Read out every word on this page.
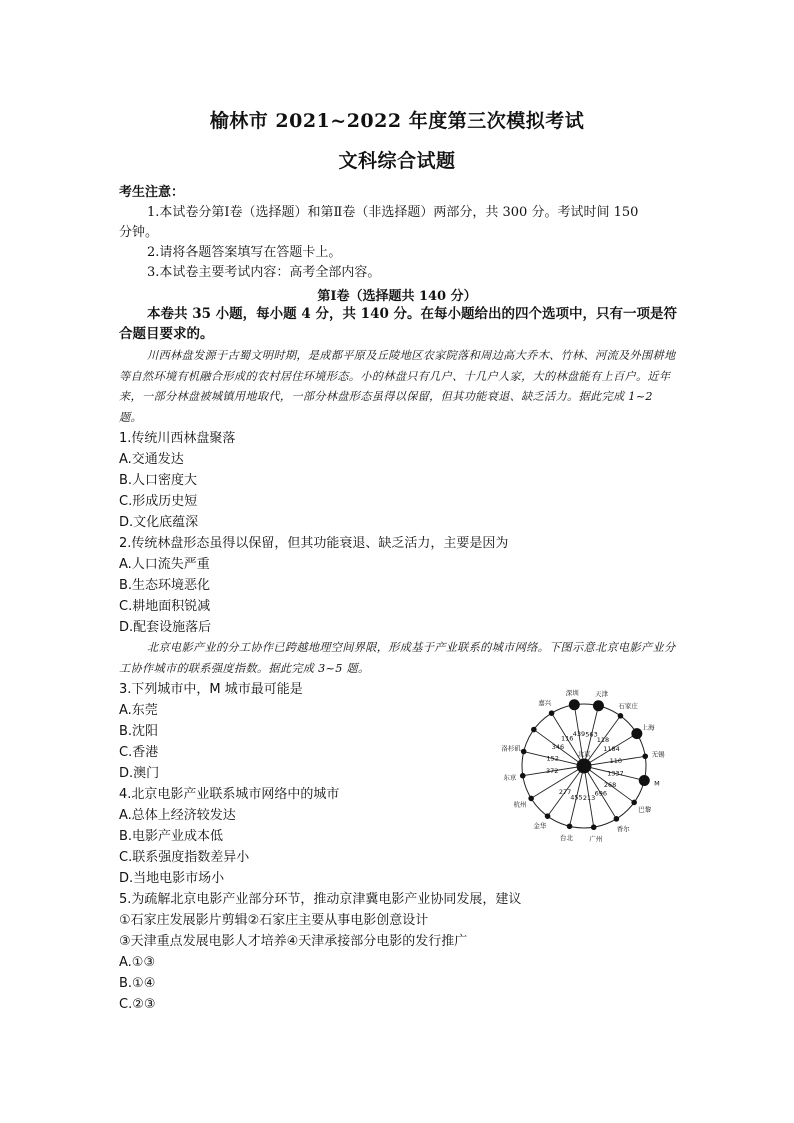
榆林市 2021~2022 年度第三次模拟考试
文科综合试题
考生注意：
1.本试卷分第Ⅰ卷（选择题）和第Ⅱ卷（非选择题）两部分，共 300 分。考试时间 150
分钟。
2.请将各题答案填写在答题卡上。
3.本试卷主要考试内容：高考全部内容。
第Ⅰ卷（选择题共 140 分）
本卷共 35 小题，每小题 4 分，共 140 分。在每小题给出的四个选项中，只有一项是符
合题目要求的。
川西林盘发源于古蜀文明时期，是成都平原及丘陵地区农家院落和周边高大乔木、竹林、河流及外围耕地等自然环境有机融合形成的农村居住环境形态。小的林盘只有几户、十几户人家，大的林盘能有上百户。近年来，一部分林盘被城镇用地取代，一部分林盘形态虽得以保留，但其功能衰退、缺乏活力。据此完成 1~2 题。
1.传统川西林盘聚落
A.交通发达
B.人口密度大
C.形成历史短
D.文化底蕴深
2.传统林盘形态虽得以保留，但其功能衰退、缺乏活力，主要是因为
A.人口流失严重
B.生态环境恶化
C.耕地面积锐减
D.配套设施落后
北京电影产业的分工协作已跨越地理空间界限，形成基于产业联系的城市网络。下图示意北京电影产业分工协作城市的联系强度指数。据此完成 3~5 题。
3.下列城市中，M 城市最可能是
A.东莞
B.沈阳
C.香港
D.澳门
4.北京电影产业联系城市网络中的城市
A.总体上经济较发达
B.电影产业成本低
C.联系强度指数差异小
D.当地电影市场小
5.为疏解北京电影产业部分环节，推动京津冀电影产业协同发展，建议
①石家庄发展影片剪辑②石家庄主要从事电影创意设计
③天津重点发展电影人才培养④天津承接部分电影的发行推广
A.①③
B.①④
C.②③
嘉兴
116
深圳
439
天津
563
石家庄
118
上海
1184
无锡
110
M
1337
巴黎
268
香尔
696
广州
213
台北
455
金华
277
杭州
东京
372
洛杉矶
152
346
北京
